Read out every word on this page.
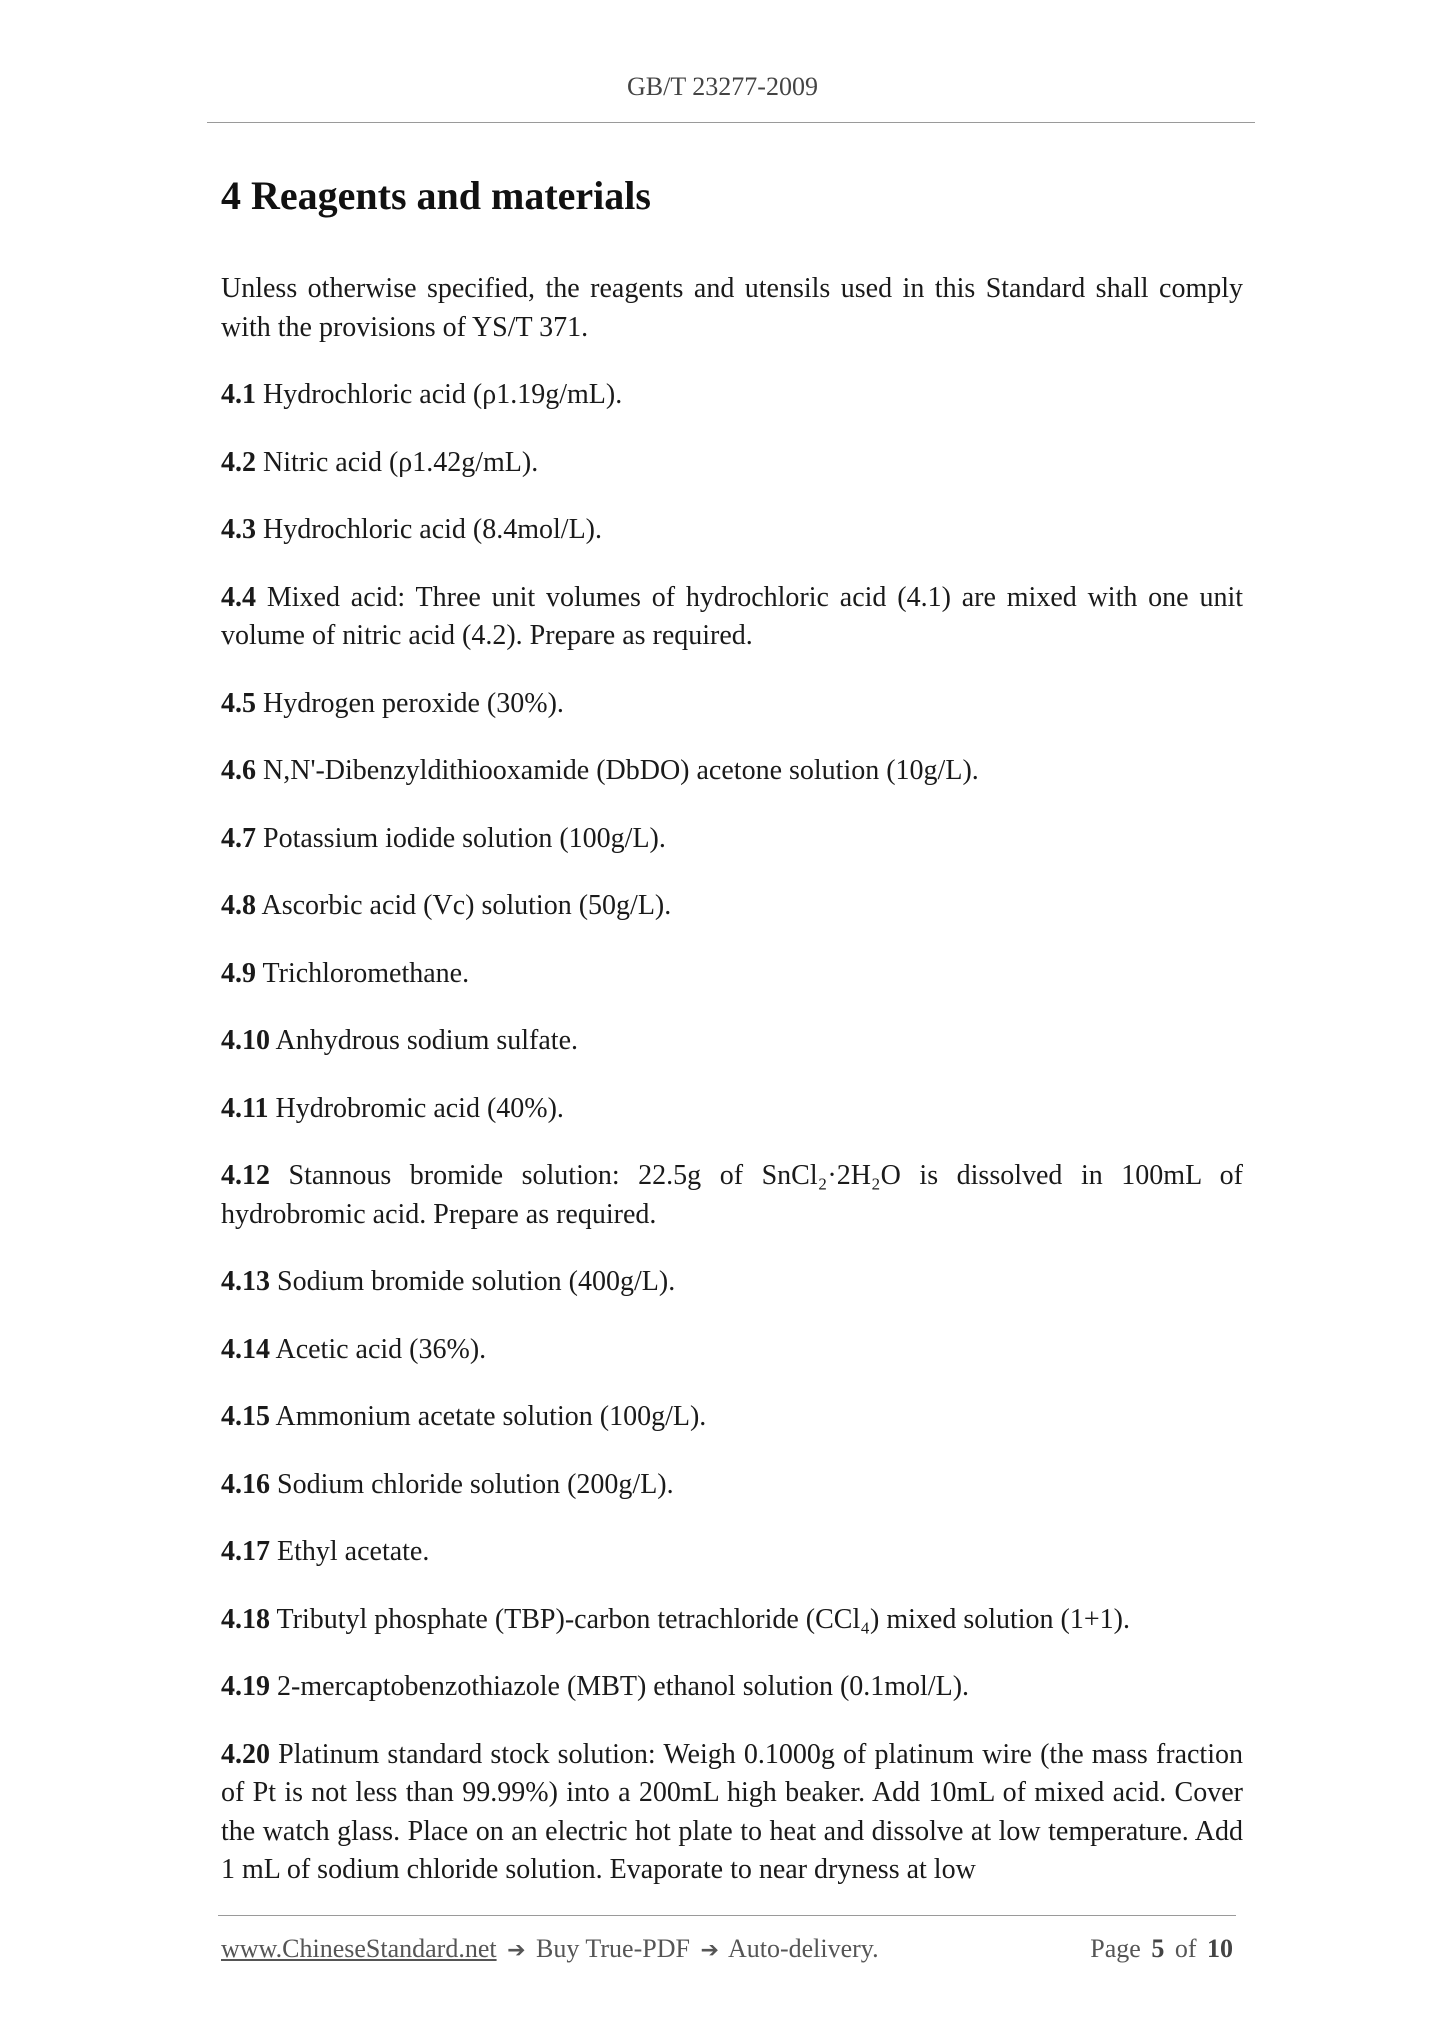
GB/T 23277-2009
4 Reagents and materials

Unless otherwise specified, the reagents and utensils used in this Standard shall comply with the provisions of YS/T 371.

4.1 Hydrochloric acid (ρ1.19g/mL).

4.2 Nitric acid (ρ1.42g/mL).

4.3 Hydrochloric acid (8.4mol/L).

4.4 Mixed acid: Three unit volumes of hydrochloric acid (4.1) are mixed with one unit volume of nitric acid (4.2). Prepare as required.

4.5 Hydrogen peroxide (30%).

4.6 N,N'-Dibenzyldithiooxamide (DbDO) acetone solution (10g/L).

4.7 Potassium iodide solution (100g/L).

4.8 Ascorbic acid (Vc) solution (50g/L).

4.9 Trichloromethane.

4.10 Anhydrous sodium sulfate.

4.11 Hydrobromic acid (40%).

4.12 Stannous bromide solution: 22.5g of SnCl₂·2H₂O is dissolved in 100mL of hydrobromic acid. Prepare as required.

4.13 Sodium bromide solution (400g/L).

4.14 Acetic acid (36%).

4.15 Ammonium acetate solution (100g/L).

4.16 Sodium chloride solution (200g/L).

4.17 Ethyl acetate.

4.18 Tributyl phosphate (TBP)-carbon tetrachloride (CCl₄) mixed solution (1+1).

4.19 2-mercaptobenzothiazole (MBT) ethanol solution (0.1mol/L).

4.20 Platinum standard stock solution: Weigh 0.1000g of platinum wire (the mass fraction of Pt is not less than 99.99%) into a 200mL high beaker. Add 10mL of mixed acid. Cover the watch glass. Place on an electric hot plate to heat and dissolve at low temperature. Add 1 mL of sodium chloride solution. Evaporate to near dryness at low

www.ChineseStandard.net ➔ Buy True-PDF ➔ Auto-delivery.	Page 5 of 10
